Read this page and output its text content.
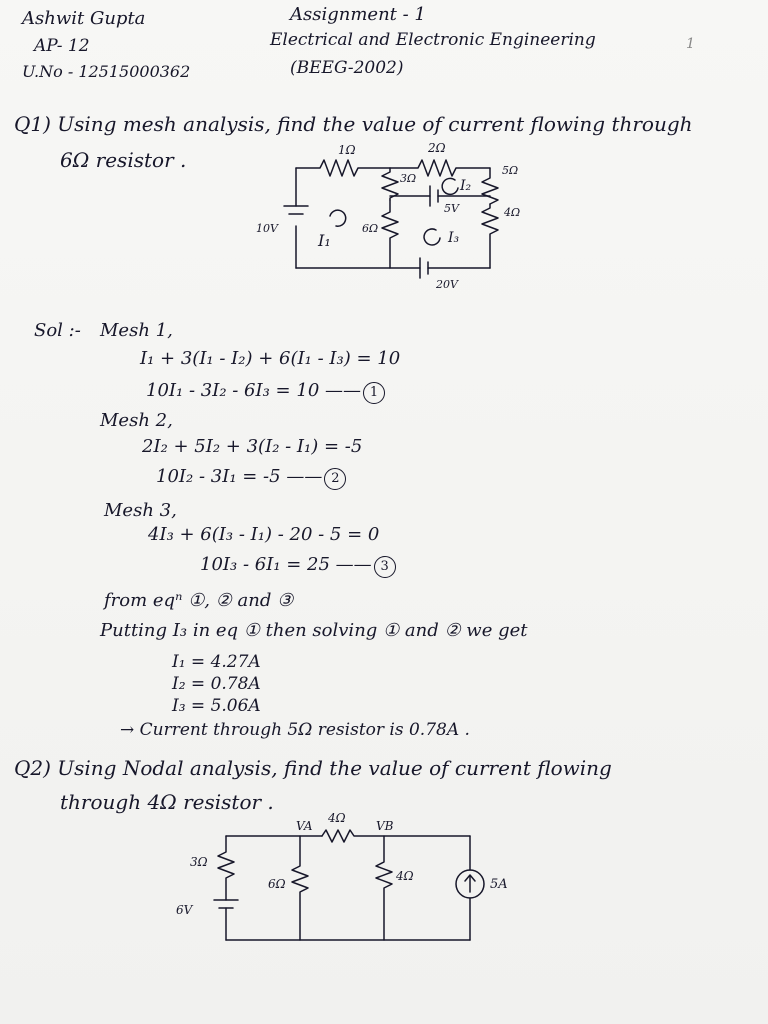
Ashwit Gupta
AP- 12
U.No - 12515000362
Assignment - 1
Electrical and Electronic Engineering
(BEEG-2002)
1
Q1) Using mesh analysis, find the value of current flowing through
6Ω resistor .	1Ω	2Ω
3Ω
5Ω
6Ω
4Ω
10V
5V
20V
I₁
I₂
I₃
Sol :- Mesh 1,
I₁ + 3(I₁ - I₂) + 6(I₁ - I₃) = 10
10I₁ - 3I₂ - 6I₃ = 10 —— 1
Mesh 2,
2I₂ + 5I₂ + 3(I₂ - I₁) = -5
10I₂ - 3I₁ = -5 —— 2
Mesh 3,
4I₃ + 6(I₃ - I₁) - 20 - 5 = 0
10I₃ - 6I₁ = 25 —— 3
from eqⁿ ①, ② and ③
Putting I₃ in eq ① then solving ① and ② we get
I₁ = 4.27A
I₂ = 0.78A
I₃ = 5.06A
→ Current through 5Ω resistor is 0.78A .
Q2) Using Nodal analysis, find the value of current flowing
through 4Ω resistor .
VA	VB
4Ω
3Ω
6Ω
4Ω
6V
5A
